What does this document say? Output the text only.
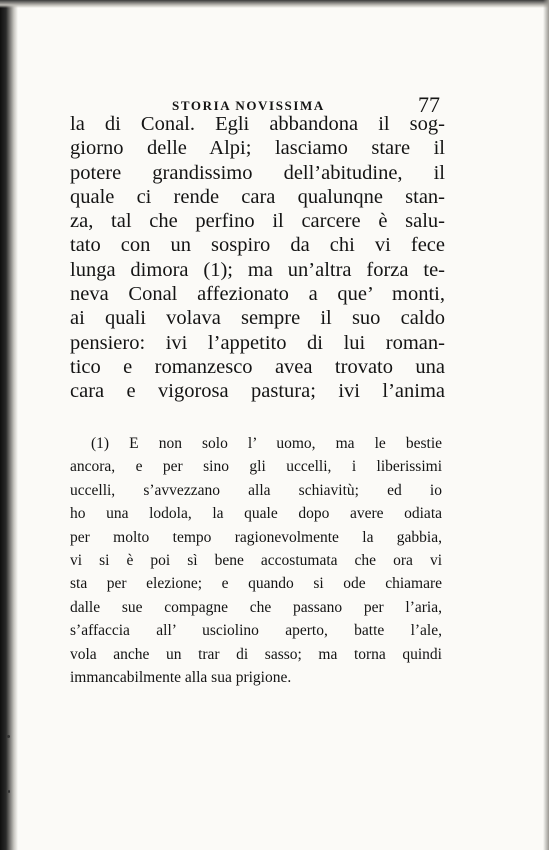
STORIA NOVISSIMA	77
la di Conal. Egli abbandona il sog-
giorno delle Alpi; lasciamo stare il
potere grandissimo dell’abitudine, il
quale ci rende cara qualunqne stan-
za, tal che perfino il carcere è salu-
tato con un sospiro da chi vi fece
lunga dimora (1); ma un’altra forza te-
neva Conal affezionato a que’ monti,
ai quali volava sempre il suo caldo
pensiero: ivi l’appetito di lui roman-
tico e romanzesco avea trovato una
cara e vigorosa pastura; ivi l’anima
(1) E non solo l’ uomo, ma le bestie
ancora, e per sino gli uccelli, i liberissimi
uccelli, s’avvezzano alla schiavitù; ed io
ho una lodola, la quale dopo avere odiata
per molto tempo ragionevolmente la gabbia,
vi si è poi sì bene accostumata che ora vi
sta per elezione; e quando si ode chiamare
dalle sue compagne che passano per l’aria,
s’affaccia all’ usciolino aperto, batte l’ale,
vola anche un trar di sasso; ma torna quindi
immancabilmente alla sua prigione.
